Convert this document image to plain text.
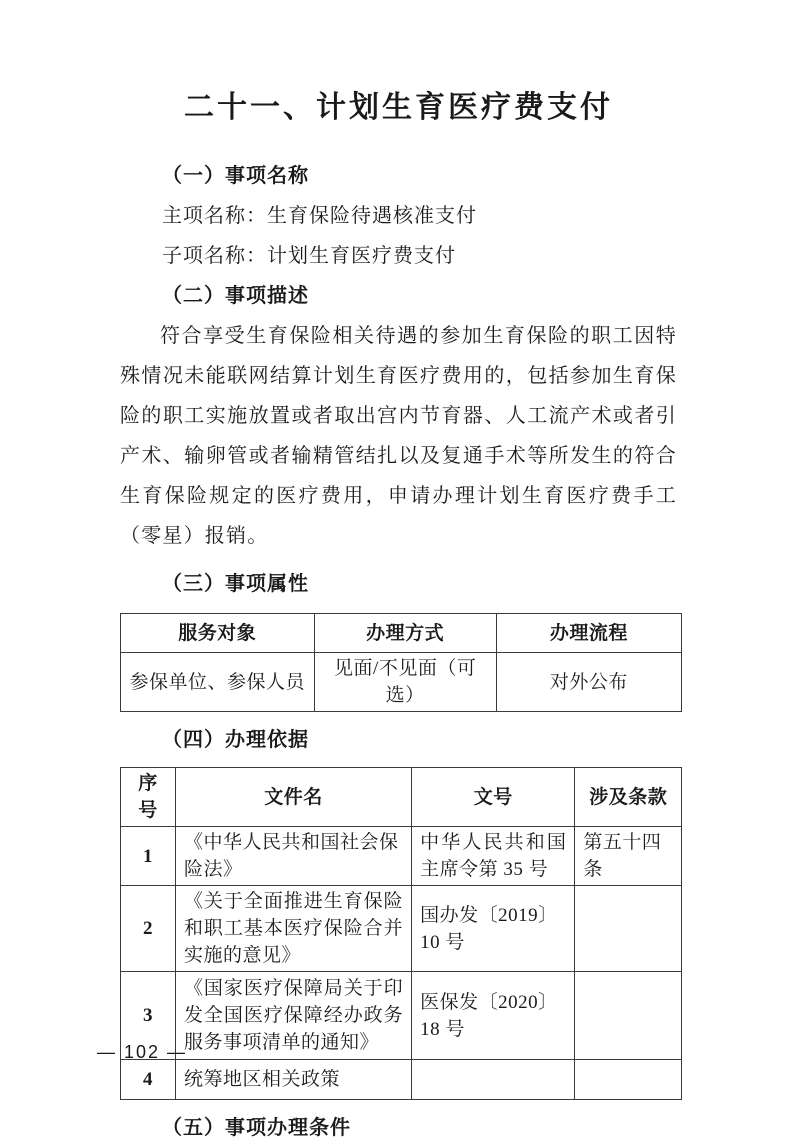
二十一、计划生育医疗费支付
（一）事项名称
主项名称：生育保险待遇核准支付
子项名称：计划生育医疗费支付
（二）事项描述
符合享受生育保险相关待遇的参加生育保险的职工因特殊情况未能联网结算计划生育医疗费用的，包括参加生育保险的职工实施放置或者取出宫内节育器、人工流产术或者引产术、输卵管或者输精管结扎以及复通手术等所发生的符合生育保险规定的医疗费用，申请办理计划生育医疗费手工（零星）报销。
（三）事项属性
服务对象	办理方式	办理流程
参保单位、参保人员	见面/不见面（可选）	对外公布
（四）办理依据
序号	文件名	文号	涉及条款
1	《中华人民共和国社会保险法》	中华人民共和国主席令第 35 号	第五十四条
2	《关于全面推进生育保险和职工基本医疗保险合并实施的意见》	国办发〔2019〕10 号	
3	《国家医疗保障局关于印发全国医疗保障经办政务服务事项清单的通知》	医保发〔2020〕18 号	
4	统筹地区相关政策		
（五）事项办理条件
— 102 —
